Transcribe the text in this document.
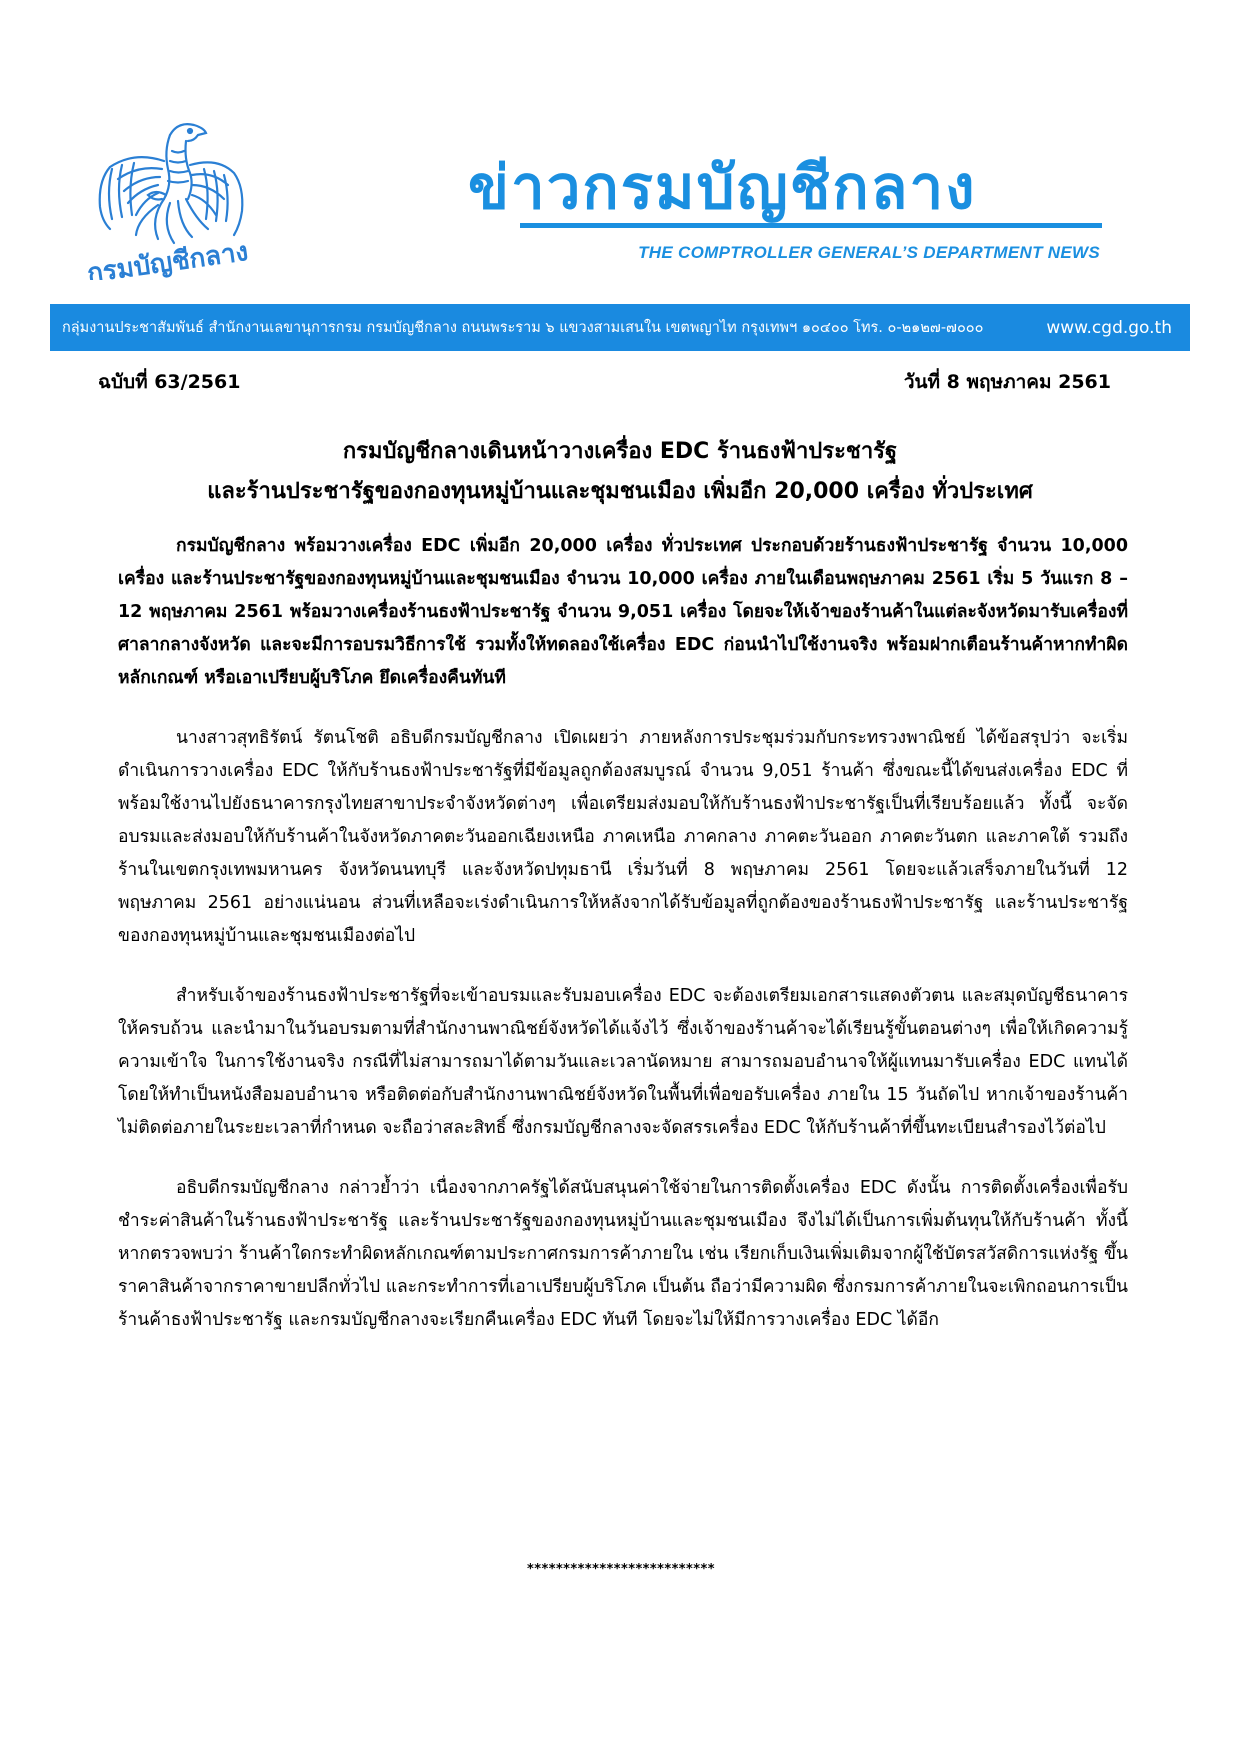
กรมบัญชีกลาง
ข่าวกรมบัญชีกลาง
THE COMPTROLLER GENERAL’S DEPARTMENT NEWS
กลุ่มงานประชาสัมพันธ์ สำนักงานเลขานุการกรม กรมบัญชีกลาง ถนนพระราม ๖ แขวงสามเสนใน เขตพญาไท กรุงเทพฯ ๑๐๔๐๐ โทร. ๐-๒๑๒๗-๗๐๐๐	www.cgd.go.th
ฉบับที่ 63/2561	วันที่ 8 พฤษภาคม 2561
กรมบัญชีกลางเดินหน้าวางเครื่อง EDC ร้านธงฟ้าประชารัฐ
และร้านประชารัฐของกองทุนหมู่บ้านและชุมชนเมือง เพิ่มอีก 20,000 เครื่อง ทั่วประเทศ

กรมบัญชีกลาง พร้อมวางเครื่อง EDC เพิ่มอีก 20,000 เครื่อง ทั่วประเทศ ประกอบด้วยร้านธงฟ้าประชารัฐ จำนวน 10,000 เครื่อง และร้านประชารัฐของกองทุนหมู่บ้านและชุมชนเมือง จำนวน 10,000 เครื่อง ภายในเดือนพฤษภาคม 2561 เริ่ม 5 วันแรก 8 – 12 พฤษภาคม 2561 พร้อมวางเครื่องร้านธงฟ้าประชารัฐ จำนวน 9,051 เครื่อง โดยจะให้เจ้าของร้านค้าในแต่ละจังหวัดมารับเครื่องที่ศาลากลางจังหวัด และจะมีการอบรมวิธีการใช้ รวมทั้งให้ทดลองใช้เครื่อง EDC ก่อนนำไปใช้งานจริง พร้อมฝากเตือนร้านค้าหากทำผิดหลักเกณฑ์ หรือเอาเปรียบผู้บริโภค ยึดเครื่องคืนทันที

นางสาวสุทธิรัตน์ รัตนโชติ อธิบดีกรมบัญชีกลาง เปิดเผยว่า ภายหลังการประชุมร่วมกับกระทรวงพาณิชย์ ได้ข้อสรุปว่า จะเริ่มดำเนินการวางเครื่อง EDC ให้กับร้านธงฟ้าประชารัฐที่มีข้อมูลถูกต้องสมบูรณ์ จำนวน 9,051 ร้านค้า ซึ่งขณะนี้ได้ขนส่งเครื่อง EDC ที่พร้อมใช้งานไปยังธนาคารกรุงไทยสาขาประจำจังหวัดต่างๆ เพื่อเตรียมส่งมอบให้กับร้านธงฟ้าประชารัฐเป็นที่เรียบร้อยแล้ว ทั้งนี้ จะจัดอบรมและส่งมอบให้กับร้านค้าในจังหวัดภาคตะวันออกเฉียงเหนือ ภาคเหนือ ภาคกลาง ภาคตะวันออก ภาคตะวันตก และภาคใต้ รวมถึงร้านในเขตกรุงเทพมหานคร จังหวัดนนทบุรี และจังหวัดปทุมธานี เริ่มวันที่ 8 พฤษภาคม 2561 โดยจะแล้วเสร็จภายในวันที่ 12 พฤษภาคม 2561 อย่างแน่นอน ส่วนที่เหลือจะเร่งดำเนินการให้หลังจากได้รับข้อมูลที่ถูกต้องของร้านธงฟ้าประชารัฐ และร้านประชารัฐของกองทุนหมู่บ้านและชุมชนเมืองต่อไป

สำหรับเจ้าของร้านธงฟ้าประชารัฐที่จะเข้าอบรมและรับมอบเครื่อง EDC จะต้องเตรียมเอกสารแสดงตัวตน และสมุดบัญชีธนาคาร ให้ครบถ้วน และนำมาในวันอบรมตามที่สำนักงานพาณิชย์จังหวัดได้แจ้งไว้ ซึ่งเจ้าของร้านค้าจะได้เรียนรู้ขั้นตอนต่างๆ เพื่อให้เกิดความรู้ ความเข้าใจ ในการใช้งานจริง กรณีที่ไม่สามารถมาได้ตามวันและเวลานัดหมาย สามารถมอบอำนาจให้ผู้แทนมารับเครื่อง EDC แทนได้ โดยให้ทำเป็นหนังสือมอบอำนาจ หรือติดต่อกับสำนักงานพาณิชย์จังหวัดในพื้นที่เพื่อขอรับเครื่อง ภายใน 15 วันถัดไป หากเจ้าของร้านค้าไม่ติดต่อภายในระยะเวลาที่กำหนด จะถือว่าสละสิทธิ์ ซึ่งกรมบัญชีกลางจะจัดสรรเครื่อง EDC ให้กับร้านค้าที่ขึ้นทะเบียนสำรองไว้ต่อไป

อธิบดีกรมบัญชีกลาง กล่าวย้ำว่า เนื่องจากภาครัฐได้สนับสนุนค่าใช้จ่ายในการติดตั้งเครื่อง EDC ดังนั้น การติดตั้งเครื่องเพื่อรับชำระค่าสินค้าในร้านธงฟ้าประชารัฐ และร้านประชารัฐของกองทุนหมู่บ้านและชุมชนเมือง จึงไม่ได้เป็นการเพิ่มต้นทุนให้กับร้านค้า ทั้งนี้หากตรวจพบว่า ร้านค้าใดกระทำผิดหลักเกณฑ์ตามประกาศกรมการค้าภายใน เช่น เรียกเก็บเงินเพิ่มเติมจากผู้ใช้บัตรสวัสดิการแห่งรัฐ ขึ้นราคาสินค้าจากราคาขายปลีกทั่วไป และกระทำการที่เอาเปรียบผู้บริโภค เป็นต้น ถือว่ามีความผิด ซึ่งกรมการค้าภายในจะเพิกถอนการเป็นร้านค้าธงฟ้าประชารัฐ และกรมบัญชีกลางจะเรียกคืนเครื่อง EDC ทันที โดยจะไม่ให้มีการวางเครื่อง EDC ได้อีก

**************************
